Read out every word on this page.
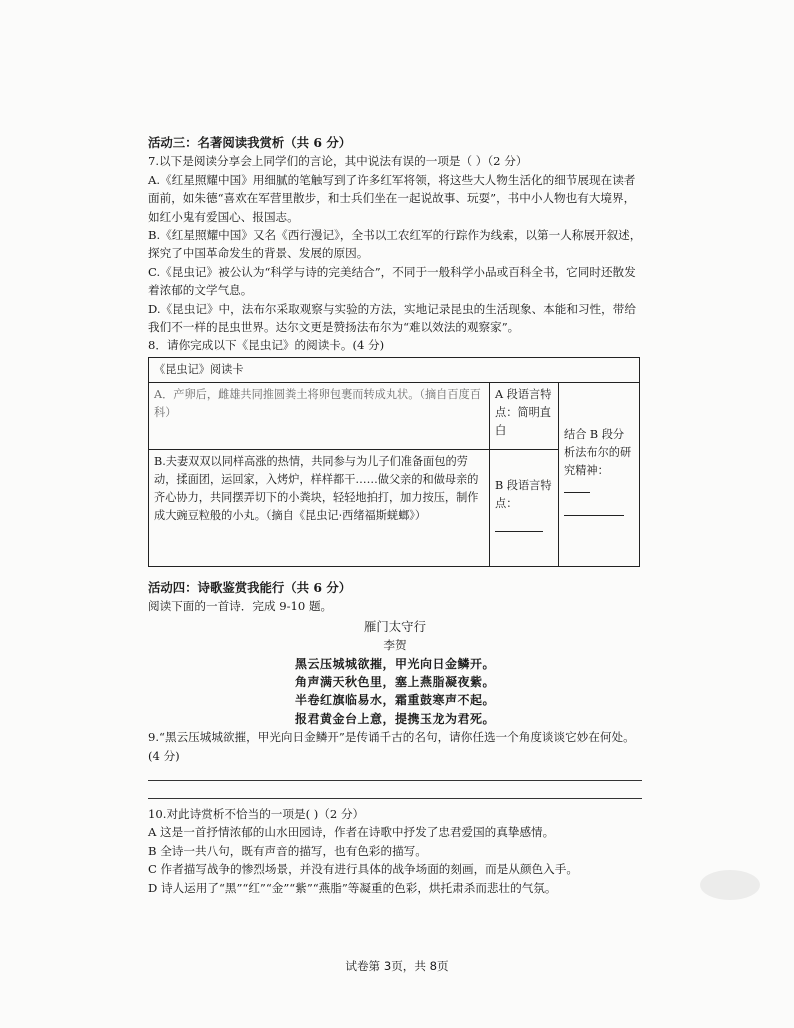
活动三：名著阅读我赏析（共 6 分）

7.以下是阅读分享会上同学们的言论，其中说法有误的一项是（ ）（2 分）

A.《红星照耀中国》用细腻的笔触写到了许多红军将领，将这些大人物生活化的细节展现在读者面前，如朱德“喜欢在军营里散步，和士兵们坐在一起说故事、玩耍”，书中小人物也有大境界，如红小鬼有爱国心、报国志。

B.《红星照耀中国》又名《西行漫记》，全书以工农红军的行踪作为线索，以第一人称展开叙述，探究了中国革命发生的背景、发展的原因。

C.《昆虫记》被公认为“科学与诗的完美结合”，不同于一般科学小品或百科全书，它同时还散发着浓郁的文学气息。

D.《昆虫记》中，法布尔采取观察与实验的方法，实地记录昆虫的生活现象、本能和习性，带给我们不一样的昆虫世界。达尔文更是赞扬法布尔为“难以效法的观察家”。

8．请你完成以下《昆虫记》的阅读卡。(4 分)

《昆虫记》阅读卡		
A．产卵后，雌雄共同推圆粪土将卵包裹而转成丸状。（摘自百度百科）	A 段语言特点：简明直白	结合 B 段分析法布尔的研究精神：
B.夫妻双双以同样高涨的热情，共同参与为儿子们准备面包的劳动，揉面团，运回家，入烤炉，样样都干……做父亲的和做母亲的齐心协力，共同摆弄切下的小粪块，轻轻地拍打，加力按压，制作成大豌豆粒般的小丸。（摘自《昆虫记·西绪福斯蜣螂》）	B 段语言特点：	

活动四：诗歌鉴赏我能行（共 6 分）

阅读下面的一首诗．完成 9-10 题。

雁门太守行

李贺

黑云压城城欲摧，甲光向日金鳞开。

角声满天秋色里，塞上燕脂凝夜紫。

半卷红旗临易水，霜重鼓寒声不起。

报君黄金台上意，提携玉龙为君死。

9.“黑云压城城欲摧，甲光向日金鳞开”是传诵千古的名句，请你任选一个角度谈谈它妙在何处。(4 分)

10.对此诗赏析不恰当的一项是( )（2 分）

A 这是一首抒情浓郁的山水田园诗，作者在诗歌中抒发了忠君爱国的真挚感情。

B 全诗一共八句，既有声音的描写，也有色彩的描写。

C 作者描写战争的惨烈场景，并没有进行具体的战争场面的刻画，而是从颜色入手。

D 诗人运用了“黑”“红”“金”“紫”“燕脂”等凝重的色彩，烘托肃杀而悲壮的气氛。

试卷第 3页，共 8页
